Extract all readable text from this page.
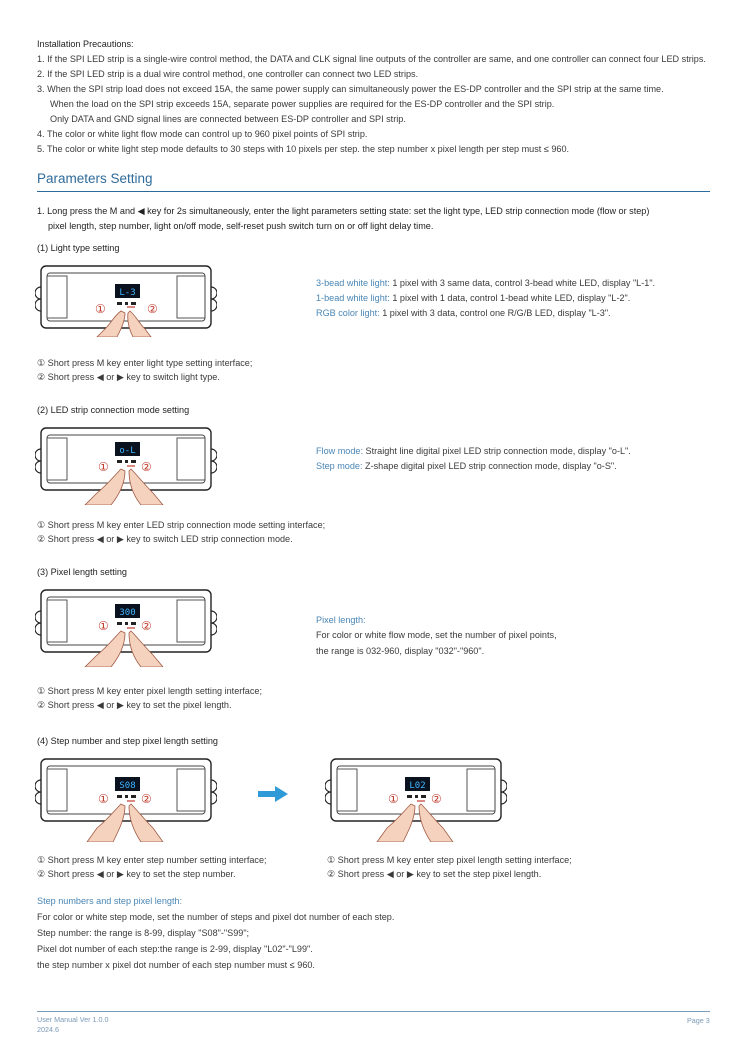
Installation Precautions:
1. If the SPI LED strip is a single-wire control method, the DATA and CLK signal line outputs of the controller are same, and one controller can connect four LED strips.
2. If the SPI LED strip is a dual wire control method, one controller can connect two LED strips.
3. When the SPI strip load does not exceed 15A, the same power supply can simultaneously power the ES-DP controller and the SPI strip at the same time.
When the load on the SPI strip exceeds 15A, separate power supplies are required for the ES-DP controller and the SPI strip.
Only DATA and GND signal lines are connected between ES-DP controller and SPI strip.
4. The color or white light flow mode can control up to 960 pixel points of SPI strip.
5. The color or white light step mode defaults to 30 steps with 10 pixels per step. the step number x pixel length per step must ≤ 960.
Parameters Setting
1. Long press the M and ◀ key for 2s simultaneously, enter the light parameters setting state: set the light type, LED strip connection mode (flow or step)
pixel length, step number, light on/off mode, self-reset push switch turn on or off light delay time.
(1) Light type setting
L-3
①	②
3-bead white light: 1 pixel with 3 same data, control 3-bead white LED, display "L-1".
1-bead white light: 1 pixel with 1 data, control 1-bead white LED, display "L-2".
RGB color light: 1 pixel with 3 data, control one R/G/B LED, display "L-3".
① Short press M key enter light type setting interface;
② Short press ◀ or ▶ key to switch light type.
(2) LED strip connection mode setting
o-L
①	②
Flow mode: Straight line digital pixel LED strip connection mode, display "o-L".
Step mode: Z-shape digital pixel LED strip connection mode, display "o-S".
① Short press M key enter LED strip connection mode setting interface;
② Short press ◀ or ▶ key to switch LED strip connection mode.
(3) Pixel length setting
300
①	②	Pixel length:
For color or white flow mode, set the number of pixel points,
the range is 032-960, display "032"-"960".
① Short press M key enter pixel length setting interface;
② Short press ◀ or ▶ key to set the pixel length.
(4) Step number and step pixel length setting
S08
①	②
L02
①	②
① Short press M key enter step number setting interface;
② Short press ◀ or ▶ key to set the step number.
① Short press M key enter step pixel length setting interface;
② Short press ◀ or ▶ key to set the step pixel length.
Step numbers and step pixel length:
For color or white step mode, set the number of steps and pixel dot number of each step.
Step number: the range is 8-99, display "S08"-"S99";
Pixel dot number of each step:the range is 2-99, display "L02"-"L99".
the step number x pixel dot number of each step number must ≤ 960.
User Manual Ver 1.0.0
2024.6
Page 3
